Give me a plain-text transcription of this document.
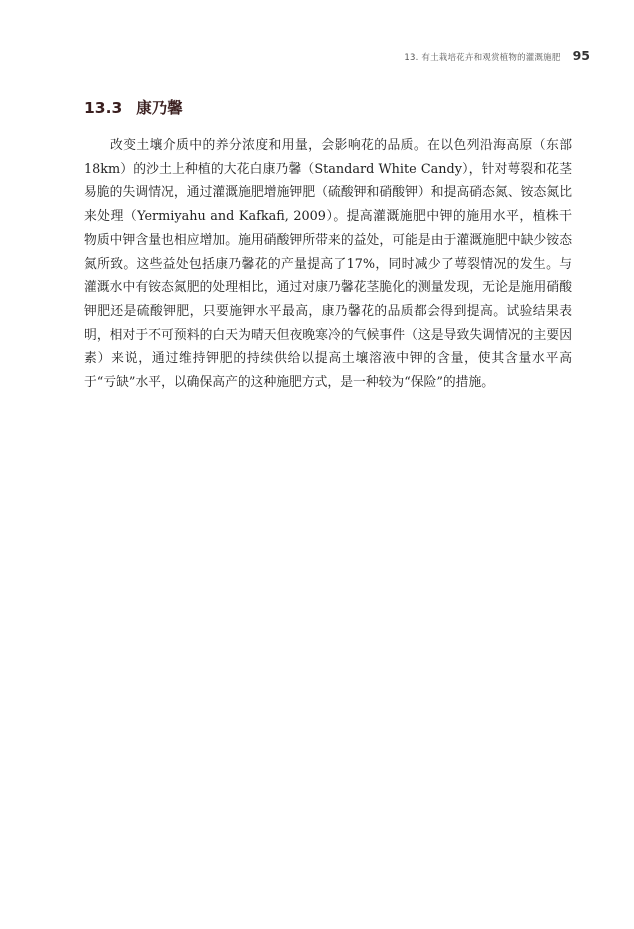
13. 有土栽培花卉和观赏植物的灌溉施肥 95
13.3 康乃馨

改变土壤介质中的养分浓度和用量，会影响花的品质。在以色列沿海高原（东部18km）的沙土上种植的大花白康乃馨（Standard White Candy），针对萼裂和花茎易脆的失调情况，通过灌溉施肥增施钾肥（硫酸钾和硝酸钾）和提高硝态氮、铵态氮比来处理（Yermiyahu and Kafkafi, 2009）。提高灌溉施肥中钾的施用水平，植株干物质中钾含量也相应增加。施用硝酸钾所带来的益处，可能是由于灌溉施肥中缺少铵态氮所致。这些益处包括康乃馨花的产量提高了17%，同时减少了萼裂情况的发生。与灌溉水中有铵态氮肥的处理相比，通过对康乃馨花茎脆化的测量发现，无论是施用硝酸钾肥还是硫酸钾肥，只要施钾水平最高，康乃馨花的品质都会得到提高。试验结果表明，相对于不可预料的白天为晴天但夜晚寒冷的气候事件（这是导致失调情况的主要因素）来说，通过维持钾肥的持续供给以提高土壤溶液中钾的含量，使其含量水平高于“亏缺”水平，以确保高产的这种施肥方式，是一种较为“保险”的措施。
